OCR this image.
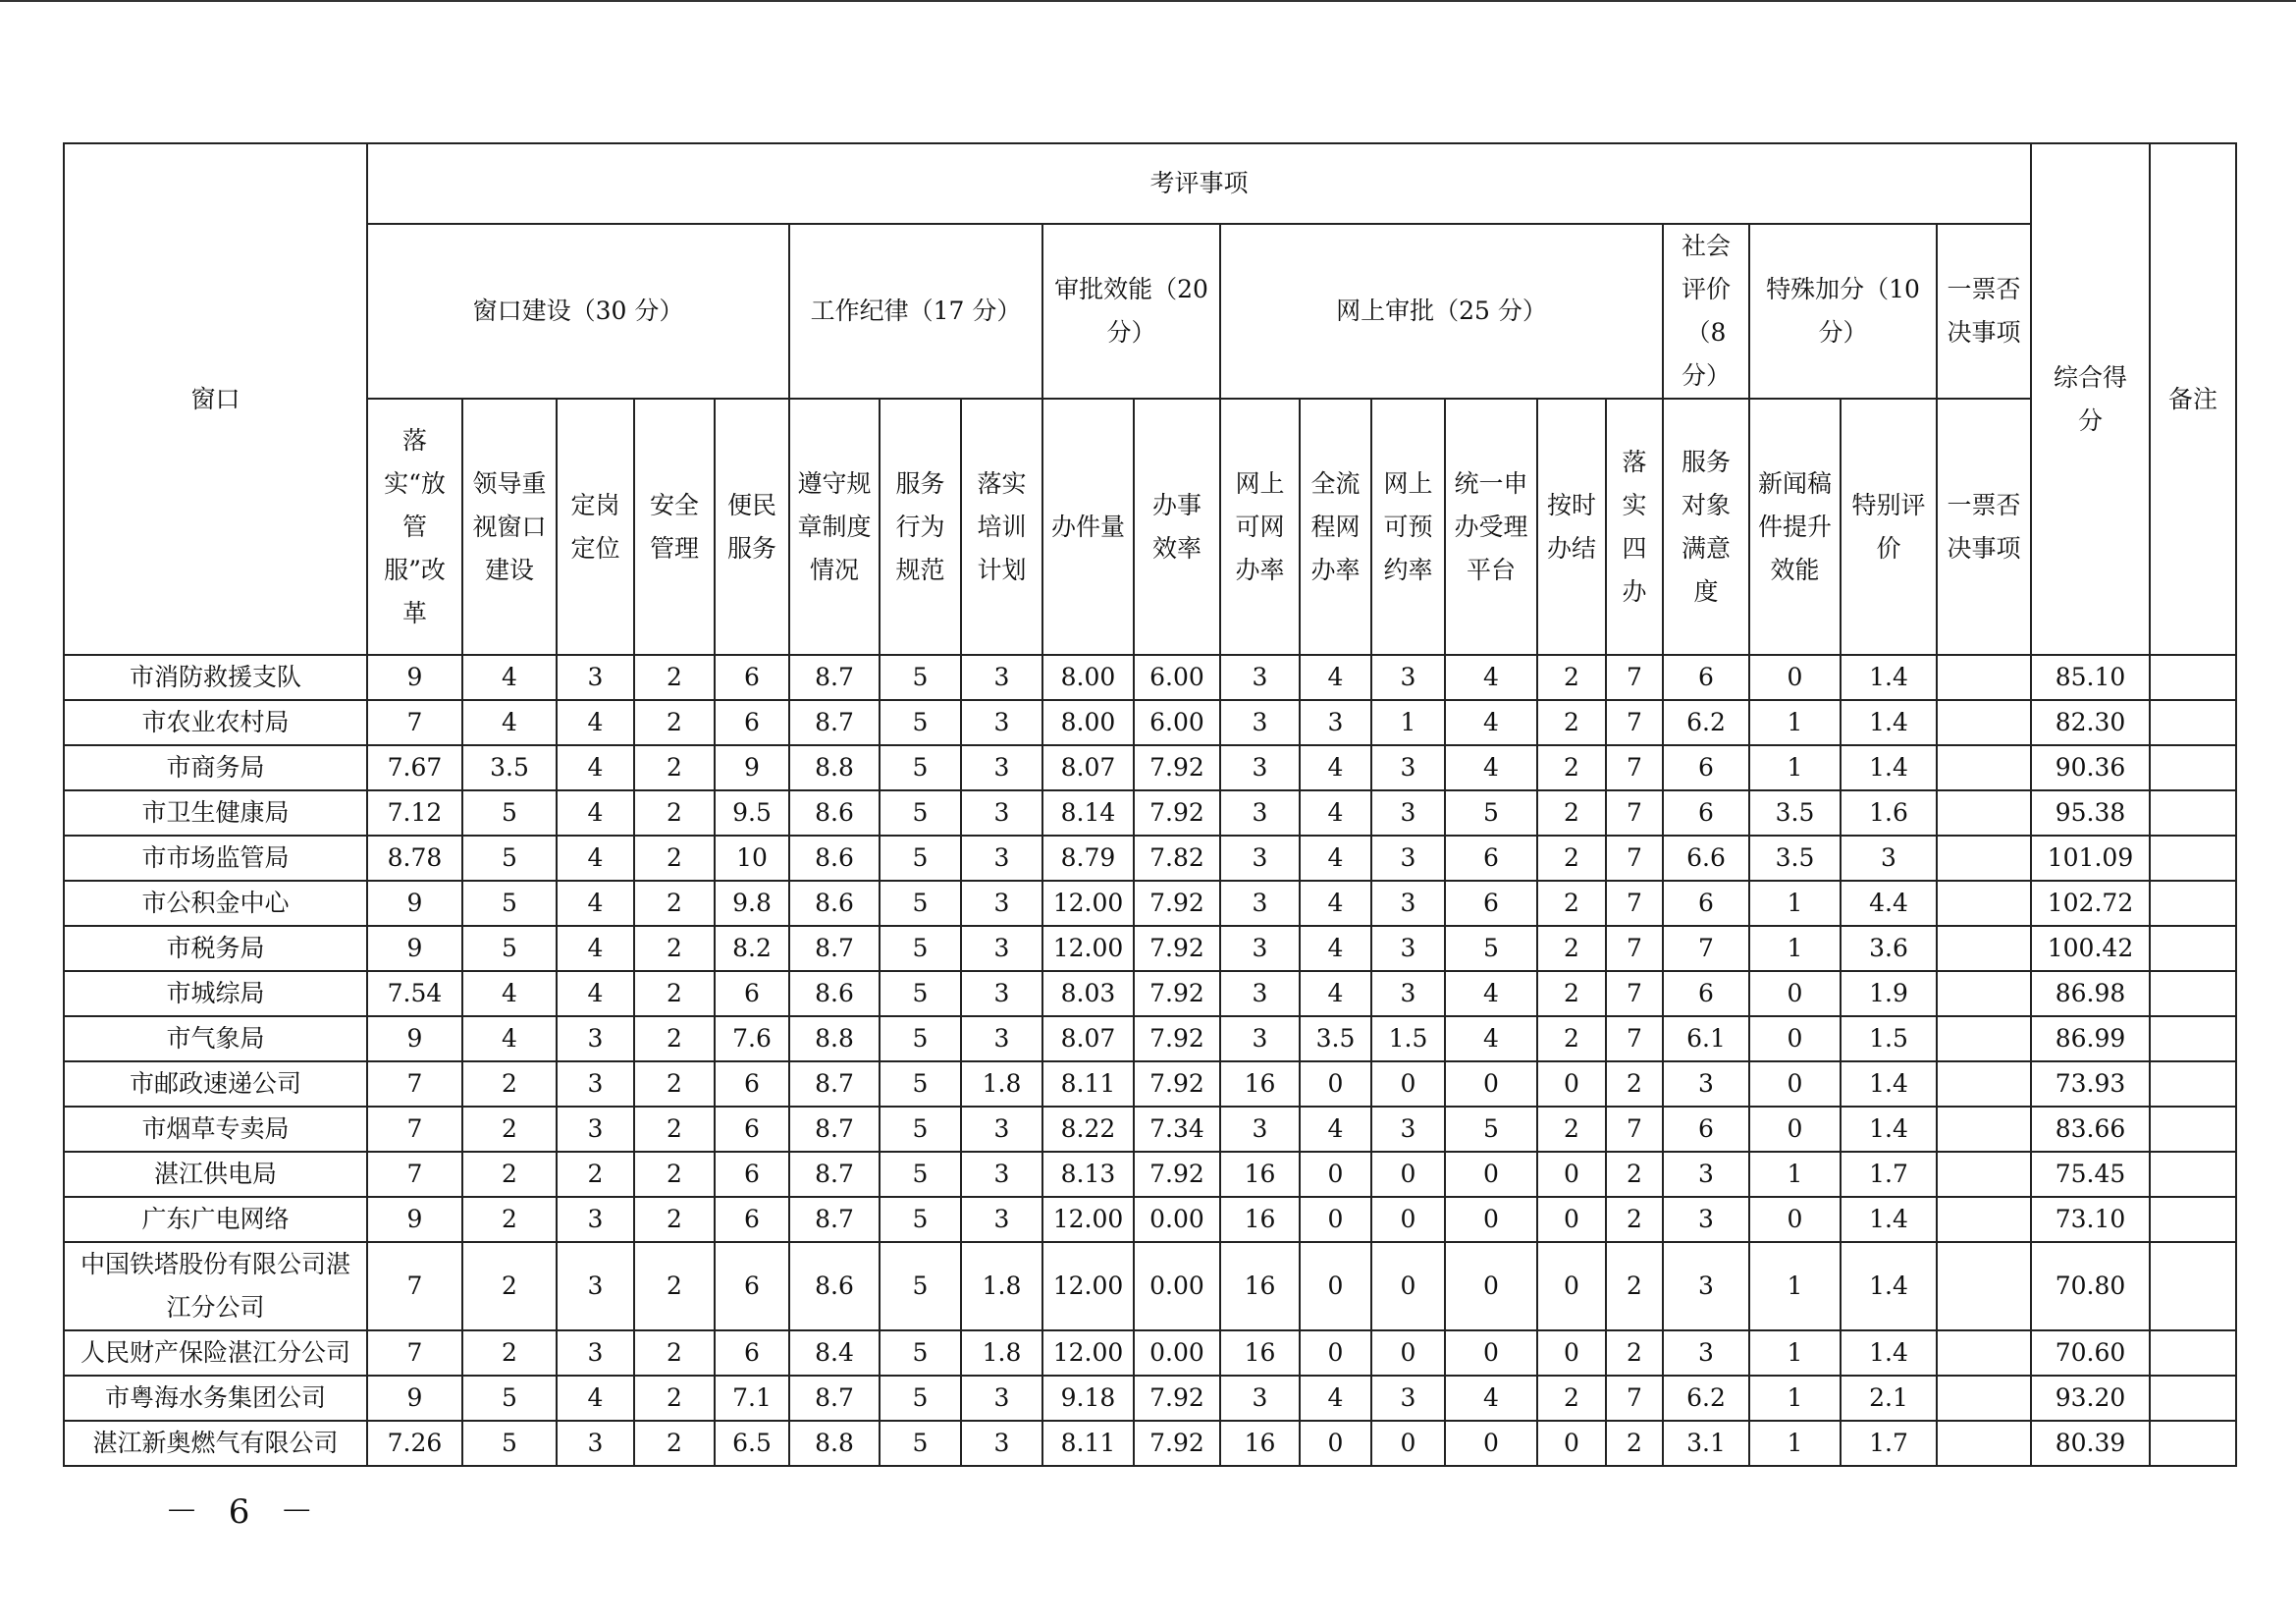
窗口	考评事项																				综合得分	备注
	窗口建设（30 分）					工作纪律（17 分）			审批效能（20 分）		网上审批（25 分）						社会评价（8 分）	特殊加分（10 分）		一票否决事项		
	落实“放管服”改革	领导重视窗口建设	定岗定位	安全管理	便民服务	遵守规章制度情况	服务行为规范	落实培训计划	办件量	办事效率	网上可网办率	全流程网办率	网上可预约率	统一申办受理平台	按时办结	落实四办	服务对象满意度	新闻稿件提升效能	特别评价	一票否决事项		
市消防救援支队	9	4	3	2	6	8.7	5	3	8.00	6.00	3	4	3	4	2	7	6	0	1.4		85.10	
市农业农村局	7	4	4	2	6	8.7	5	3	8.00	6.00	3	3	1	4	2	7	6.2	1	1.4		82.30	
市商务局	7.67	3.5	4	2	9	8.8	5	3	8.07	7.92	3	4	3	4	2	7	6	1	1.4		90.36	
市卫生健康局	7.12	5	4	2	9.5	8.6	5	3	8.14	7.92	3	4	3	5	2	7	6	3.5	1.6		95.38	
市市场监管局	8.78	5	4	2	10	8.6	5	3	8.79	7.82	3	4	3	6	2	7	6.6	3.5	3		101.09	
市公积金中心	9	5	4	2	9.8	8.6	5	3	12.00	7.92	3	4	3	6	2	7	6	1	4.4		102.72	
市税务局	9	5	4	2	8.2	8.7	5	3	12.00	7.92	3	4	3	5	2	7	7	1	3.6		100.42	
市城综局	7.54	4	4	2	6	8.6	5	3	8.03	7.92	3	4	3	4	2	7	6	0	1.9		86.98	
市气象局	9	4	3	2	7.6	8.8	5	3	8.07	7.92	3	3.5	1.5	4	2	7	6.1	0	1.5		86.99	
市邮政速递公司	7	2	3	2	6	8.7	5	1.8	8.11	7.92	16	0	0	0	0	2	3	0	1.4		73.93	
市烟草专卖局	7	2	3	2	6	8.7	5	3	8.22	7.34	3	4	3	5	2	7	6	0	1.4		83.66	
湛江供电局	7	2	2	2	6	8.7	5	3	8.13	7.92	16	0	0	0	0	2	3	1	1.7		75.45	
广东广电网络	9	2	3	2	6	8.7	5	3	12.00	0.00	16	0	0	0	0	2	3	0	1.4		73.10	
中国铁塔股份有限公司湛江分公司	7	2	3	2	6	8.6	5	1.8	12.00	0.00	16	0	0	0	0	2	3	1	1.4		70.80	
人民财产保险湛江分公司	7	2	3	2	6	8.4	5	1.8	12.00	0.00	16	0	0	0	0	2	3	1	1.4		70.60	
市粤海水务集团公司	9	5	4	2	7.1	8.7	5	3	9.18	7.92	3	4	3	4	2	7	6.2	1	2.1		93.20	
湛江新奥燃气有限公司	7.26	5	3	2	6.5	8.8	5	3	8.11	7.92	16	0	0	0	0	2	3.1	1	1.7		80.39	
－ 6 －
